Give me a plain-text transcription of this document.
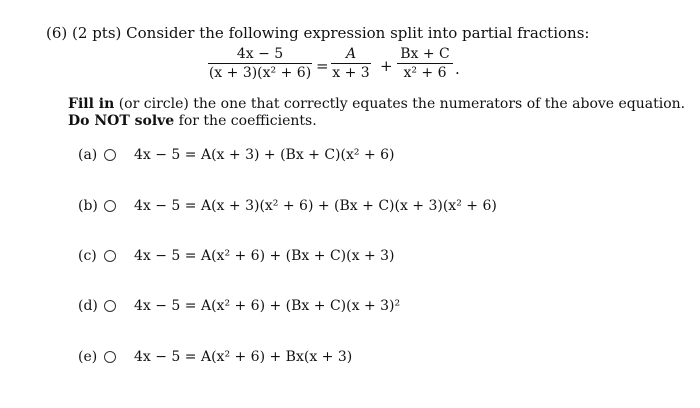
(6) (2 pts) Consider the following expression split into partial fractions:
4x − 5
(x + 3)(x² + 6) =
A
x + 3 +
Bx + C
x² + 6 .
Fill in (or circle) the one that correctly equates the numerators of the above equation.
Do NOT solve for the coefficients.
(a)	4x − 5 = A(x + 3) + (Bx + C)(x² + 6)
(b)	4x − 5 = A(x + 3)(x² + 6) + (Bx + C)(x + 3)(x² + 6)
(c)	4x − 5 = A(x² + 6) + (Bx + C)(x + 3)
(d)	4x − 5 = A(x² + 6) + (Bx + C)(x + 3)²
(e)	4x − 5 = A(x² + 6) + Bx(x + 3)
